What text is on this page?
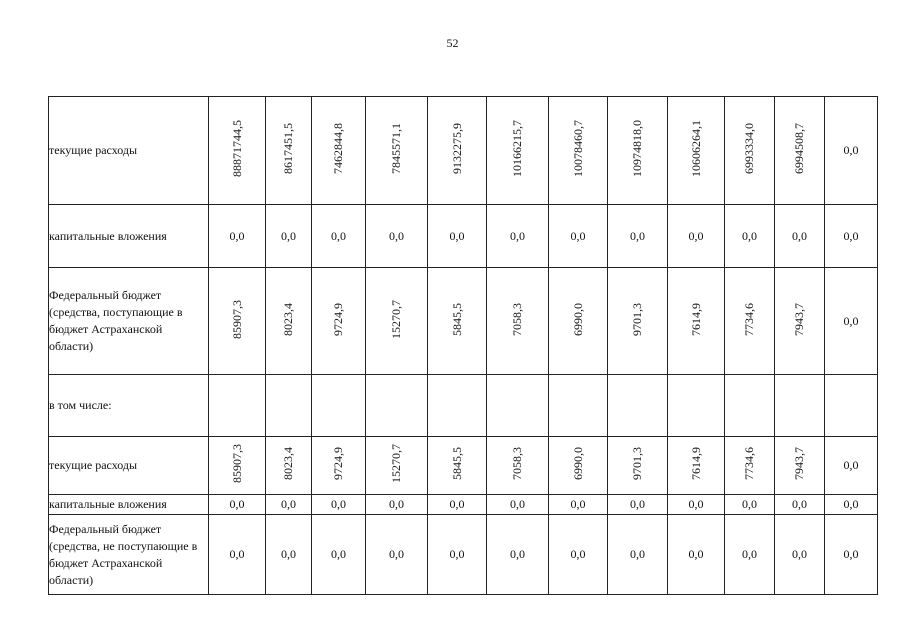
52
текущие расходы	88871744,5	8617451,5	7462844,8	7845571,1	9132275,9	10166215,7	10078460,7	10974818,0	10606264,1	6993334,0	6994508,7	0,0
капитальные вложения	0,0	0,0	0,0	0,0	0,0	0,0	0,0	0,0	0,0	0,0	0,0	0,0
Федеральный бюджет (средства, поступающие в бюджет Астраханской области)	85907,3	8023,4	9724,9	15270,7	5845,5	7058,3	6990,0	9701,3	7614,9	7734,6	7943,7	0,0
в том числе:												
текущие расходы	85907,3	8023,4	9724,9	15270,7	5845,5	7058,3	6990,0	9701,3	7614,9	7734,6	7943,7	0,0
капитальные вложения	0,0	0,0	0,0	0,0	0,0	0,0	0,0	0,0	0,0	0,0	0,0	0,0
Федеральный бюджет (средства, не поступающие в бюджет Астраханской области)	0,0	0,0	0,0	0,0	0,0	0,0	0,0	0,0	0,0	0,0	0,0	0,0
